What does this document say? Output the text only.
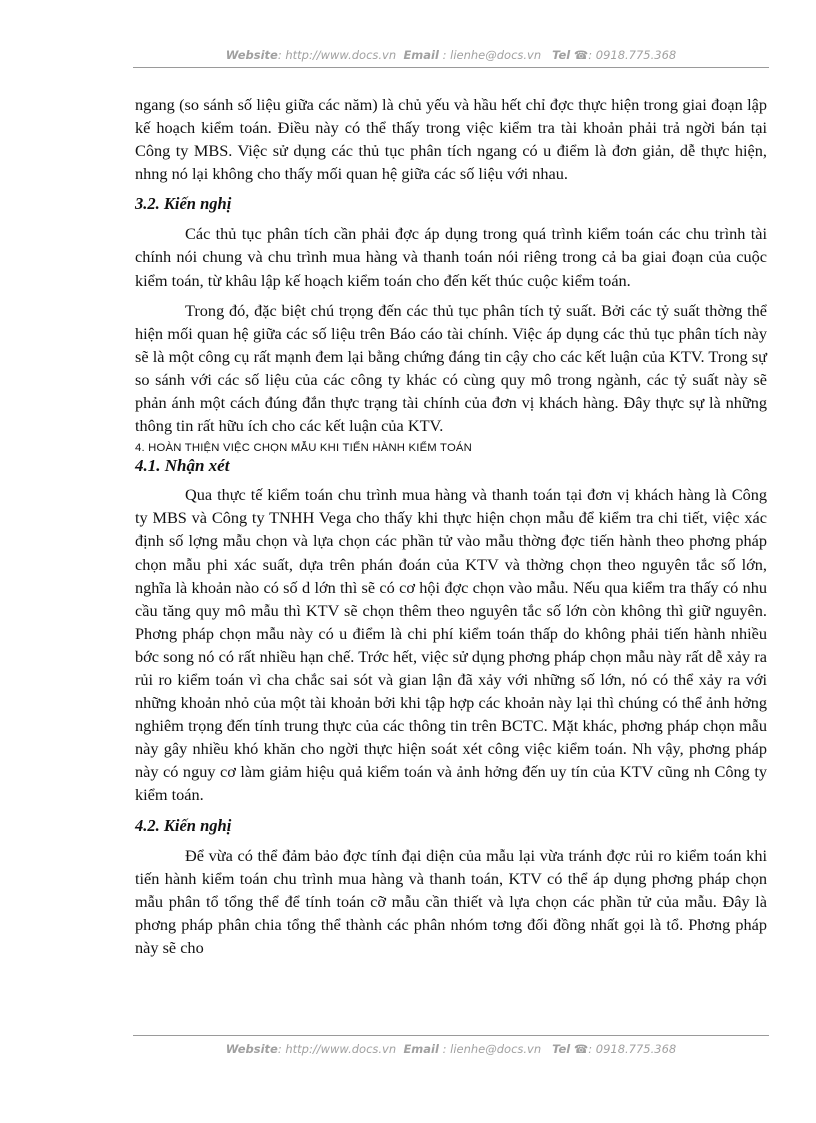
Website: http://www.docs.vn Email : lienhe@docs.vn Tel ☎: 0918.775.368

ngang (so sánh số liệu giữa các năm) là chủ yếu và hầu hết chỉ đợc thực hiện trong giai đoạn lập kế hoạch kiểm toán. Điều này có thể thấy trong việc kiểm tra tài khoản phải trả ngời bán tại Công ty MBS. Việc sử dụng các thủ tục phân tích ngang có u điểm là đơn giản, dễ thực hiện, nhng nó lại không cho thấy mối quan hệ giữa các số liệu với nhau.

3.2. Kiến nghị

Các thủ tục phân tích cần phải đợc áp dụng trong quá trình kiểm toán các chu trình tài chính nói chung và chu trình mua hàng và thanh toán nói riêng trong cả ba giai đoạn của cuộc kiểm toán, từ khâu lập kế hoạch kiểm toán cho đến kết thúc cuộc kiểm toán.

Trong đó, đặc biệt chú trọng đến các thủ tục phân tích tỷ suất. Bởi các tỷ suất thờng thể hiện mối quan hệ giữa các số liệu trên Báo cáo tài chính. Việc áp dụng các thủ tục phân tích này sẽ là một công cụ rất mạnh đem lại bằng chứng đáng tin cậy cho các kết luận của KTV. Trong sự so sánh với các số liệu của các công ty khác có cùng quy mô trong ngành, các tỷ suất này sẽ phản ánh một cách đúng đắn thực trạng tài chính của đơn vị khách hàng. Đây thực sự là những thông tin rất hữu ích cho các kết luận của KTV.

4. HOÀN THIỆN VIỆC CHỌN MẪU KHI TIẾN HÀNH KIỂM TOÁN
4.1. Nhận xét

Qua thực tế kiểm toán chu trình mua hàng và thanh toán tại đơn vị khách hàng là Công ty MBS và Công ty TNHH Vega cho thấy khi thực hiện chọn mẫu để kiểm tra chi tiết, việc xác định số lợng mẫu chọn và lựa chọn các phần tử vào mẫu thờng đợc tiến hành theo phơng pháp chọn mẫu phi xác suất, dựa trên phán đoán của KTV và thờng chọn theo nguyên tắc số lớn, nghĩa là khoản nào có số d lớn thì sẽ có cơ hội đợc chọn vào mẫu. Nếu qua kiểm tra thấy có nhu cầu tăng quy mô mẫu thì KTV sẽ chọn thêm theo nguyên tắc số lớn còn không thì giữ nguyên. Phơng pháp chọn mẫu này có u điểm là chi phí kiểm toán thấp do không phải tiến hành nhiều bớc song nó có rất nhiều hạn chế. Trớc hết, việc sử dụng phơng pháp chọn mẫu này rất dễ xảy ra rủi ro kiểm toán vì cha chắc sai sót và gian lận đã xảy với những số lớn, nó có thể xảy ra với những khoản nhỏ của một tài khoản bởi khi tập hợp các khoản này lại thì chúng có thể ảnh hởng nghiêm trọng đến tính trung thực của các thông tin trên BCTC. Mặt khác, phơng pháp chọn mẫu này gây nhiều khó khăn cho ngời thực hiện soát xét công việc kiểm toán. Nh vậy, phơng pháp này có nguy cơ làm giảm hiệu quả kiểm toán và ảnh hởng đến uy tín của KTV cũng nh Công ty kiểm toán.

4.2. Kiến nghị

Để vừa có thể đảm bảo đợc tính đại diện của mẫu lại vừa tránh đợc rủi ro kiểm toán khi tiến hành kiểm toán chu trình mua hàng và thanh toán, KTV có thể áp dụng phơng pháp chọn mẫu phân tổ tổng thể để tính toán cỡ mẫu cần thiết và lựa chọn các phần tử của mẫu. Đây là phơng pháp phân chia tổng thể thành các phân nhóm tơng đối đồng nhất gọi là tổ. Phơng pháp này sẽ cho

Website: http://www.docs.vn Email : lienhe@docs.vn Tel ☎: 0918.775.368
